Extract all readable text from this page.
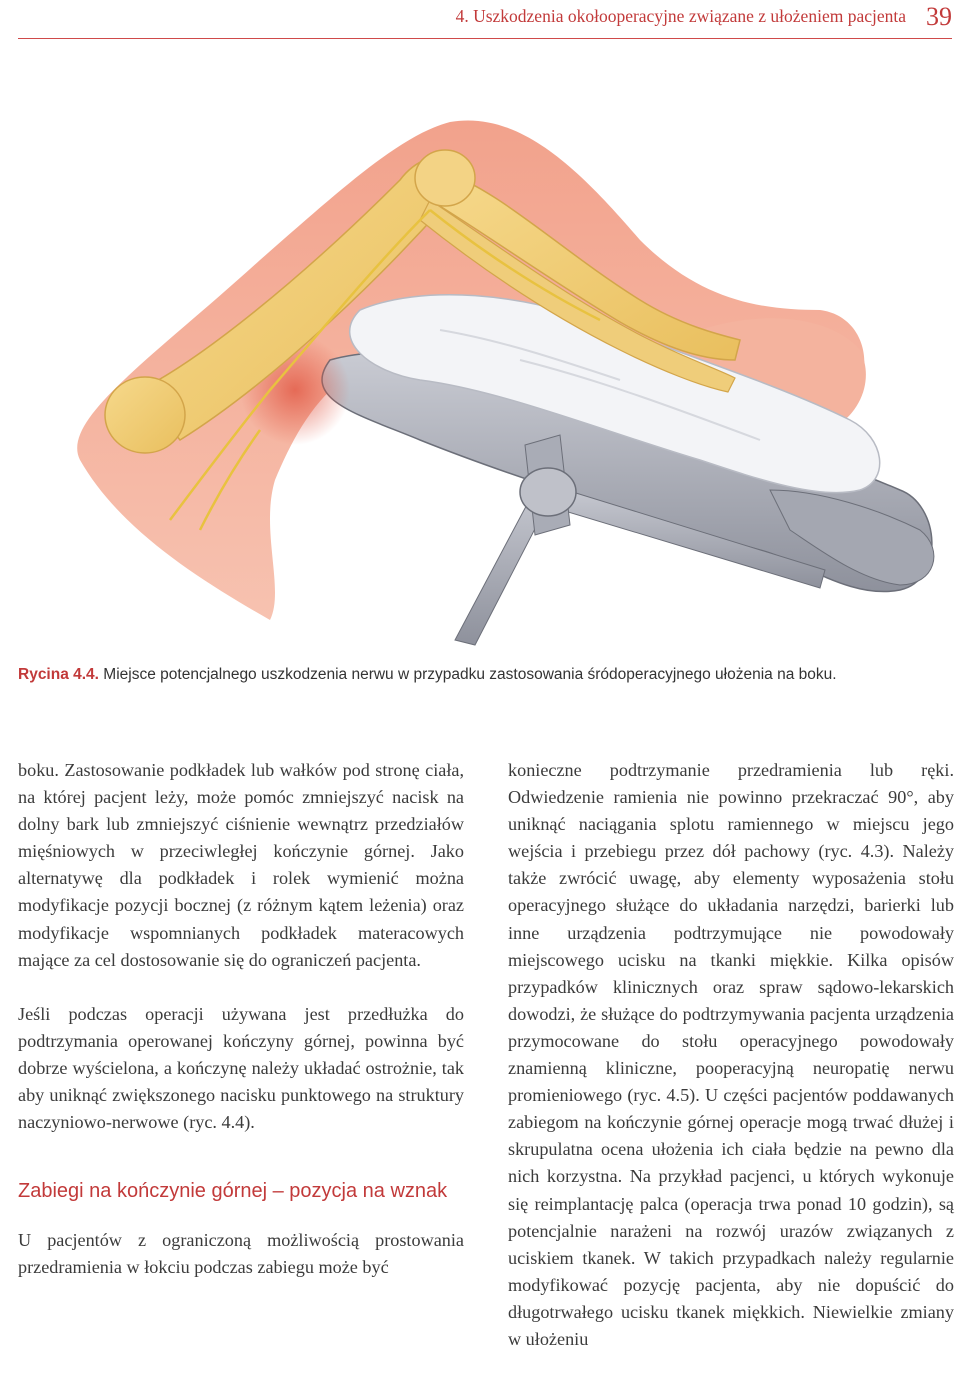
4. Uszkodzenia okołooperacyjne związane z ułożeniem pacjenta 39
Rycina 4.4. Miejsce potencjalnego uszkodzenia nerwu w przypadku zastosowania śródoperacyjnego ułożenia na boku.

boku. Zastosowanie podkładek lub wałków pod stronę ciała, na której pacjent leży, może pomóc zmniejszyć nacisk na dolny bark lub zmniejszyć ciśnienie wewnątrz przedziałów mięśniowych w przeciwległej kończynie górnej. Jako alternatywę dla podkładek i rolek wymienić można modyfikacje pozycji bocznej (z różnym kątem leżenia) oraz modyfikacje wspomnianych podkładek materacowych mające za cel dostosowanie się do ograniczeń pacjenta.

Jeśli podczas operacji używana jest przedłużka do podtrzymania operowanej kończyny górnej, powinna być dobrze wyścielona, a kończynę należy układać ostrożnie, tak aby uniknąć zwiększonego nacisku punktowego na struktury naczyniowo-nerwowe (ryc. 4.4).

Zabiegi na kończynie górnej – pozycja na wznak

U pacjentów z ograniczoną możliwością prostowania przedramienia w łokciu podczas zabiegu może być

konieczne podtrzymanie przedramienia lub ręki. Odwiedzenie ramienia nie powinno przekraczać 90°, aby uniknąć naciągania splotu ramiennego w miejscu jego wejścia i przebiegu przez dół pachowy (ryc. 4.3). Należy także zwrócić uwagę, aby elementy wyposażenia stołu operacyjnego służące do układania narzędzi, barierki lub inne urządzenia podtrzymujące nie powodowały miejscowego ucisku na tkanki miękkie. Kilka opisów przypadków klinicznych oraz spraw sądowo-lekarskich dowodzi, że służące do podtrzymywania pacjenta urządzenia przymocowane do stołu operacyjnego powodowały znamienną kliniczne, pooperacyjną neuropatię nerwu promieniowego (ryc. 4.5). U części pacjentów poddawanych zabiegom na kończynie górnej operacje mogą trwać dłużej i skrupulatna ocena ułożenia ich ciała będzie na pewno dla nich korzystna. Na przykład pacjenci, u których wykonuje się reimplantację palca (operacja trwa ponad 10 godzin), są potencjalnie narażeni na rozwój urazów związanych z uciskiem tkanek. W takich przypadkach należy regularnie modyfikować pozycję pacjenta, aby nie dopuścić do długotrwałego ucisku tkanek miękkich. Niewielkie zmiany w ułożeniu
